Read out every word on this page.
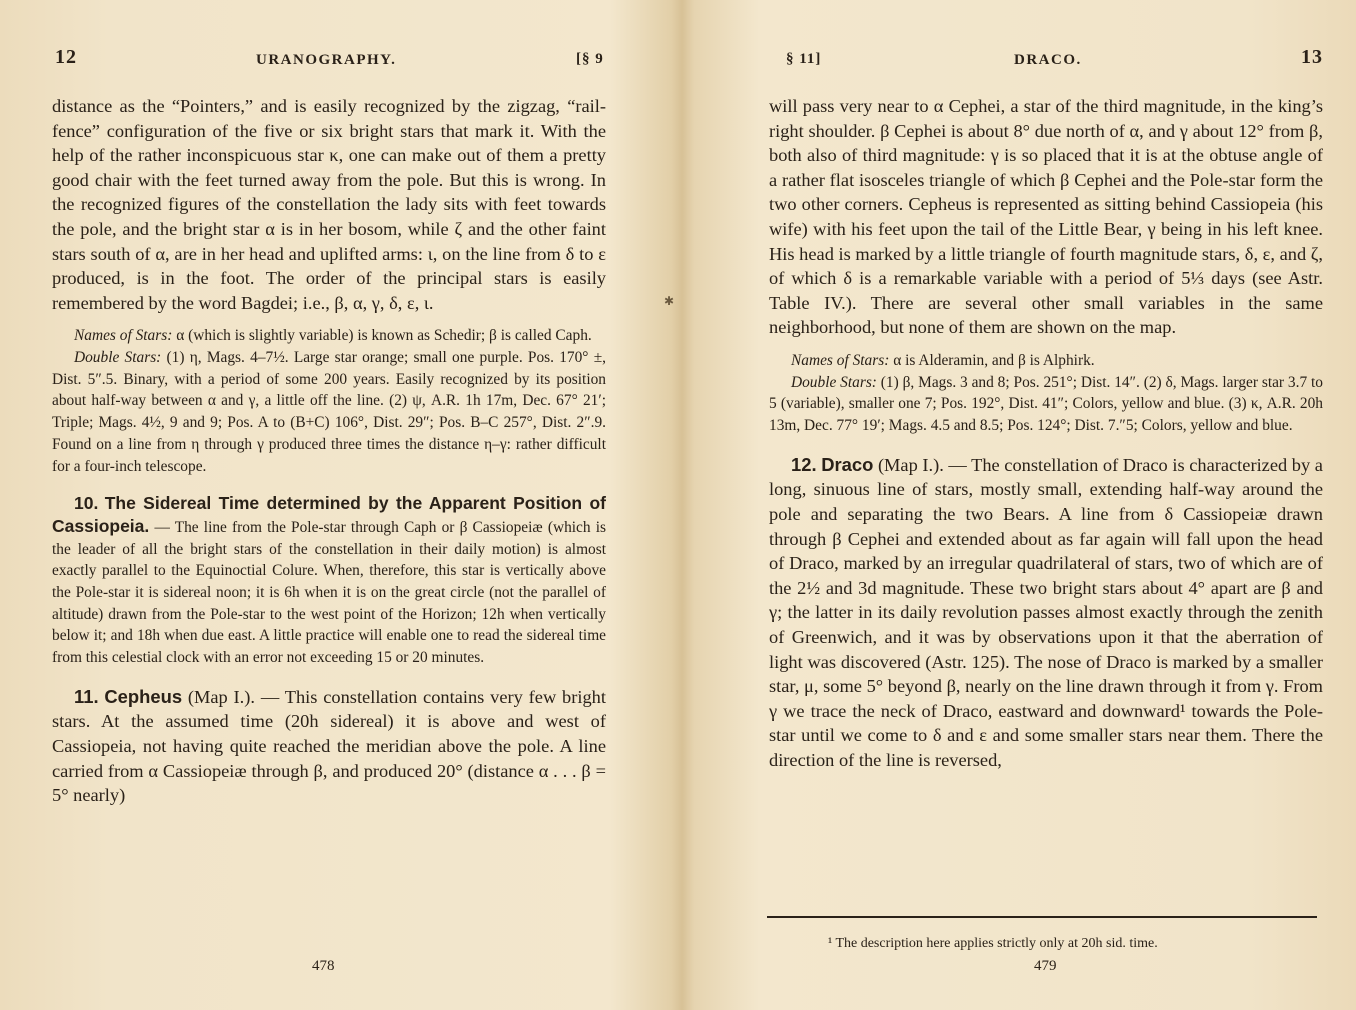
12	URANOGRAPHY.	[§ 9

distance as the “Pointers,” and is easily recognized by the zigzag, “rail-fence” configuration of the five or six bright stars that mark it. With the help of the rather inconspicuous star κ, one can make out of them a pretty good chair with the feet turned away from the pole. But this is wrong. In the recognized figures of the constellation the lady sits with feet towards the pole, and the bright star α is in her bosom, while ζ and the other faint stars south of α, are in her head and uplifted arms: ι, on the line from δ to ε produced, is in the foot. The order of the principal stars is easily remembered by the word Bagdei; i.e., β, α, γ, δ, ε, ι.

Names of Stars: α (which is slightly variable) is known as Schedir; β is called Caph.

Double Stars: (1) η, Mags. 4–7½. Large star orange; small one purple. Pos. 170° ±, Dist. 5″.5. Binary, with a period of some 200 years. Easily recognized by its position about half-way between α and γ, a little off the line. (2) ψ, A.R. 1h 17m, Dec. 67° 21′; Triple; Mags. 4½, 9 and 9; Pos. A to (B+C) 106°, Dist. 29″; Pos. B–C 257°, Dist. 2″.9. Found on a line from η through γ produced three times the distance η–γ: rather difficult for a four-inch telescope.

10. The Sidereal Time determined by the Apparent Position of Cassiopeia. — The line from the Pole-star through Caph or β Cassiopeiæ (which is the leader of all the bright stars of the constellation in their daily motion) is almost exactly parallel to the Equinoctial Colure. When, therefore, this star is vertically above the Pole-star it is sidereal noon; it is 6h when it is on the great circle (not the parallel of altitude) drawn from the Pole-star to the west point of the Horizon; 12h when vertically below it; and 18h when due east. A little practice will enable one to read the sidereal time from this celestial clock with an error not exceeding 15 or 20 minutes.

11. Cepheus (Map I.). — This constellation contains very few bright stars. At the assumed time (20h sidereal) it is above and west of Cassiopeia, not having quite reached the meridian above the pole. A line carried from α Cassiopeiæ through β, and produced 20° (distance α . . . β = 5° nearly)

478
✱
§ 11]	DRACO.	13

will pass very near to α Cephei, a star of the third magnitude, in the king’s right shoulder. β Cephei is about 8° due north of α, and γ about 12° from β, both also of third magnitude: γ is so placed that it is at the obtuse angle of a rather flat isosceles triangle of which β Cephei and the Pole-star form the two other corners. Cepheus is represented as sitting behind Cassiopeia (his wife) with his feet upon the tail of the Little Bear, γ being in his left knee. His head is marked by a little triangle of fourth magnitude stars, δ, ε, and ζ, of which δ is a remarkable variable with a period of 5⅓ days (see Astr. Table IV.). There are several other small variables in the same neighborhood, but none of them are shown on the map.

Names of Stars: α is Alderamin, and β is Alphirk.

Double Stars: (1) β, Mags. 3 and 8; Pos. 251°; Dist. 14″. (2) δ, Mags. larger star 3.7 to 5 (variable), smaller one 7; Pos. 192°, Dist. 41″; Colors, yellow and blue. (3) κ, A.R. 20h 13m, Dec. 77° 19′; Mags. 4.5 and 8.5; Pos. 124°; Dist. 7.″5; Colors, yellow and blue.

12. Draco (Map I.). — The constellation of Draco is characterized by a long, sinuous line of stars, mostly small, extending half-way around the pole and separating the two Bears. A line from δ Cassiopeiæ drawn through β Cephei and extended about as far again will fall upon the head of Draco, marked by an irregular quadrilateral of stars, two of which are of the 2½ and 3d magnitude. These two bright stars about 4° apart are β and γ; the latter in its daily revolution passes almost exactly through the zenith of Greenwich, and it was by observations upon it that the aberration of light was discovered (Astr. 125). The nose of Draco is marked by a smaller star, μ, some 5° beyond β, nearly on the line drawn through it from γ. From γ we trace the neck of Draco, eastward and downward¹ towards the Pole-star until we come to δ and ε and some smaller stars near them. There the direction of the line is reversed,

¹ The description here applies strictly only at 20h sid. time.
479
